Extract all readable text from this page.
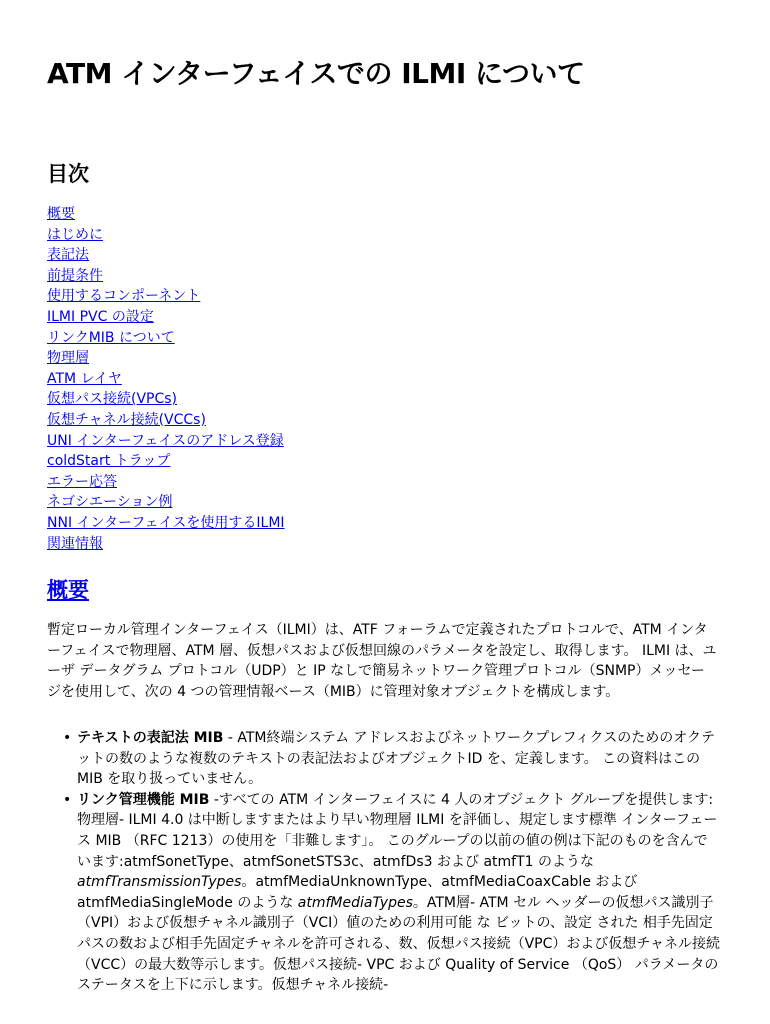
ATM インターフェイスでの ILMI について
目次
概要
はじめに
表記法
前提条件
使用するコンポーネント
ILMI PVC の設定
リンクMIB について
物理層
ATM レイヤ
仮想パス接続(VPCs)
仮想チャネル接続(VCCs)
UNI インターフェイスのアドレス登録
coldStart トラップ
エラー応答
ネゴシエーション例
NNI インターフェイスを使用するILMI
関連情報
概要

暫定ローカル管理インターフェイス（ILMI）は、ATF フォーラムで定義されたプロトコルで、ATM インターフェイスで物理層、ATM 層、仮想パスおよび仮想回線のパラメータを設定し、取得します。 ILMI は、ユーザ データグラム プロトコル（UDP）と IP なしで簡易ネットワーク管理プロトコル（SNMP）メッセージを使用して、次の 4 つの管理情報ベース（MIB）に管理対象オブジェクトを構成します。

• テキストの表記法 MIB - ATM終端システム アドレスおよびネットワークプレフィクスのためのオクテットの数のような複数のテキストの表記法およびオブジェクトID を、定義します。 この資料はこの MIB を取り扱っていません。
• リンク管理機能 MIB -すべての ATM インターフェイスに 4 人のオブジェクト グループを提供します:物理層- ILMI 4.0 は中断しますまたはより早い物理層 ILMI を評価し、規定します標準 インターフェース MIB （RFC 1213）の使用を「非難します」。 このグループの以前の値の例は下記のものを含んでいます:atmfSonetType、atmfSonetSTS3c、atmfDs3 および atmfT1 のような atmfTransmissionTypes。atmfMediaUnknownType、atmfMediaCoaxCable および atmfMediaSingleMode のような atmfMediaTypes。ATM層- ATM セル ヘッダーの仮想パス識別子（VPI）および仮想チャネル識別子（VCI）値のための利用可能 な ビットの、設定 された 相手先固定パスの数および相手先固定チャネルを許可される、数、仮想パス接続（VPC）および仮想チャネル接続（VCC）の最大数等示します。仮想パス接続- VPC および Quality of Service （QoS） パラメータのステータスを上下に示します。仮想チャネル接続-
